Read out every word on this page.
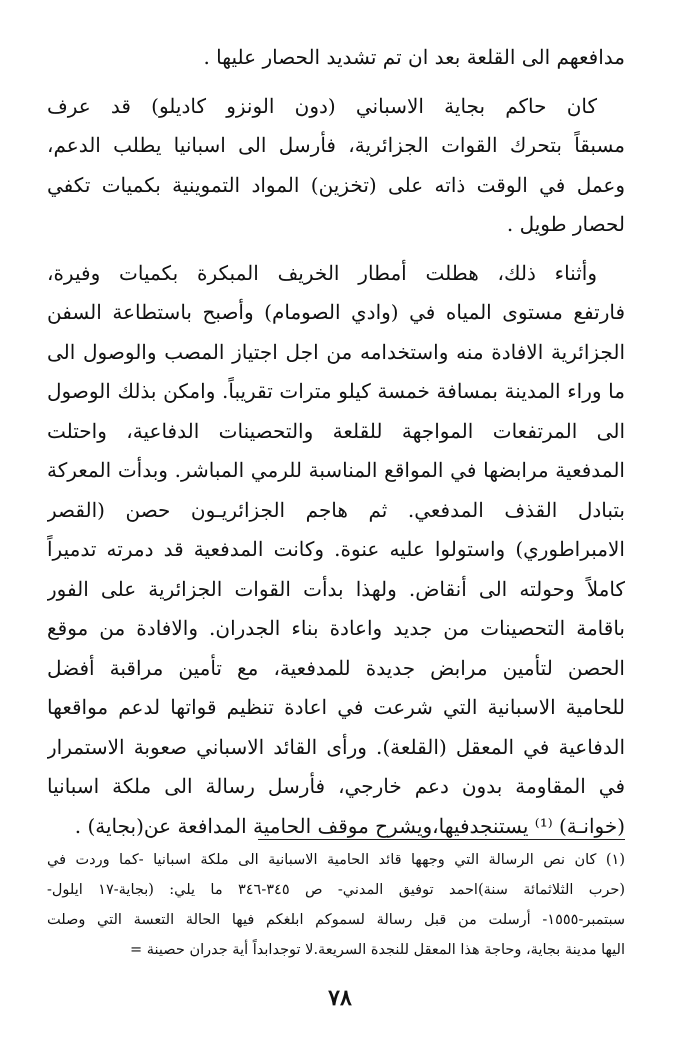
مدافعهم الى القلعة بعد ان تم تشديد الحصار عليها .
كان حاكم بجاية الاسباني (دون الونزو كاديلو) قد عرف
مسبقاً بتحرك القوات الجزائرية، فأرسل الى اسبانيا يطلب الدعم،
وعمل في الوقت ذاته على (تخزين) المواد التموينية بكميات تكفي
لحصار طويل .
وأثناء ذلك، هطلت أمطار الخريف المبكرة بكميات وفيرة،
فارتفع مستوى المياه في (وادي الصومام) وأصبح باستطاعة السفن
الجزائرية الافادة منه واستخدامه من اجل اجتياز المصب والوصول الى
ما وراء المدينة بمسافة خمسة كيلو مترات تقريباً. وامكن بذلك الوصول
الى المرتفعات المواجهة للقلعة والتحصينات الدفاعية، واحتلت
المدفعية مرابضها في المواقع المناسبة للرمي المباشر. وبدأت المعركة
بتبادل القذف المدفعي. ثم هاجم الجزائريـون حصن (القصر
الامبراطوري) واستولوا عليه عنوة. وكانت المدفعية قد دمرته تدميراً
كاملاً وحولته الى أنقاض. ولهذا بدأت القوات الجزائرية على الفور
باقامة التحصينات من جديد واعادة بناء الجدران. والافادة من موقع
الحصن لتأمين مرابض جديدة للمدفعية، مع تأمين مراقبة أفضل
للحامية الاسبانية التي شرعت في اعادة تنظيم قواتها لدعم مواقعها
الدفاعية في المعقل (القلعة). ورأى القائد الاسباني صعوبة الاستمرار
في المقاومة بدون دعم خارجي، فأرسل رسالة الى ملكة اسبانيا
(خوانـة) ⁽¹⁾ يستنجدفيها،ويشرح موقف الحامية المدافعة عن(بجاية) .
(١) كان نص الرسالة التي وجهها قائد الحامية الاسبانية الى ملكة اسبانيا -كما وردت في
(حرب الثلاثمائة سنة)احمد توفيق المدني- ص ٣٤٥-٣٤٦ ما يلي: (بجاية-١٧ ايلول-
سبتمبر-١٥٥٥- أرسلت من قبل رسالة لسموكم ابلغكم فيها الحالة التعسة التي وصلت
اليها مدينة بجاية، وحاجة هذا المعقل للنجدة السريعة.لا توجدابداً أية جدران حصينة =
٧٨
